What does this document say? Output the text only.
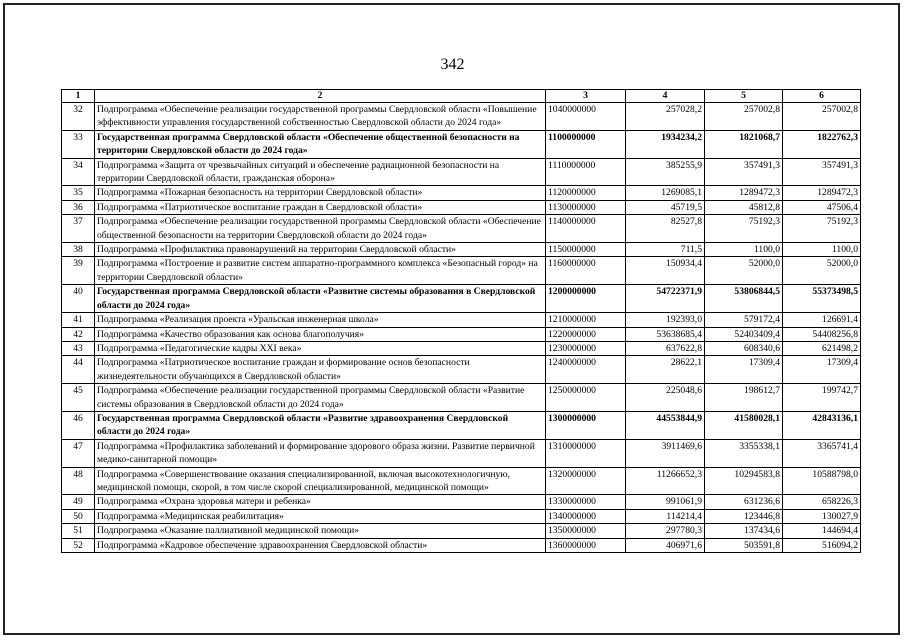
342
1	2	3	4	5	6
32	Подпрограмма «Обеспечение реализации государственной программы Свердловской области «Повышение эффективности управления государственной собственностью Свердловской области до 2024 года»	1040000000	257028,2	257002,8	257002,8
33	Государственная программа Свердловской области «Обеспечение общественной безопасности на территории Свердловской области до 2024 года»	1100000000	1934234,2	1821068,7	1822762,3
34	Подпрограмма «Защита от чрезвычайных ситуаций и обеспечение радиационной безопасности на территории Свердловской области, гражданская оборона»	1110000000	385255,9	357491,3	357491,3
35	Подпрограмма «Пожарная безопасность на территории Свердловской области»	1120000000	1269085,1	1289472,3	1289472,3
36	Подпрограмма «Патриотическое воспитание граждан в Свердловской области»	1130000000	45719,5	45812,8	47506,4
37	Подпрограмма «Обеспечение реализации государственной программы Свердловской области «Обеспечение общественной безопасности на территории Свердловской области до 2024 года»	1140000000	82527,8	75192,3	75192,3
38	Подпрограмма «Профилактика правонарушений на территории Свердловской области»	1150000000	711,5	1100,0	1100,0
39	Подпрограмма «Построение и развитие систем аппаратно-программного комплекса «Безопасный город» на территории Свердловской области»	1160000000	150934,4	52000,0	52000,0
40	Государственная программа Свердловской области «Развитие системы образования в Свердловской области до 2024 года»	1200000000	54722371,9	53806844,5	55373498,5
41	Подпрограмма «Реализация проекта «Уральская инженерная школа»	1210000000	192393,0	579172,4	126691,4
42	Подпрограмма «Качество образования как основа благополучия»	1220000000	53638685,4	52403409,4	54408256,8
43	Подпрограмма «Педагогические кадры XXI века»	1230000000	637622,8	608340,6	621498,2
44	Подпрограмма «Патриотическое воспитание граждан и формирование основ безопасности жизнедеятельности обучающихся в Свердловской области»	1240000000	28622,1	17309,4	17309,4
45	Подпрограмма «Обеспечение реализации государственной программы Свердловской области «Развитие системы образования в Свердловской области до 2024 года»	1250000000	225048,6	198612,7	199742,7
46	Государственная программа Свердловской области «Развитие здравоохранения Свердловской области до 2024 года»	1300000000	44553844,9	41580028,1	42843136,1
47	Подпрограмма «Профилактика заболеваний и формирование здорового образа жизни. Развитие первичной медико-санитарной помощи»	1310000000	3911469,6	3355338,1	3365741,4
48	Подпрограмма «Совершенствование оказания специализированной, включая высокотехнологичную, медицинской помощи, скорой, в том числе скорой специализированной, медицинской помощи»	1320000000	11266652,3	10294583,8	10588798,0
49	Подпрограмма «Охрана здоровья матери и ребенка»	1330000000	991061,9	631236,6	658226,3
50	Подпрограмма «Медицинская реабилитация»	1340000000	114214,4	123446,8	130027,9
51	Подпрограмма «Оказание паллиативной медицинской помощи»	1350000000	297780,3	137434,6	144694,4
52	Подпрограмма «Кадровое обеспечение здравоохранения Свердловской области»	1360000000	406971,6	503591,8	516094,2
